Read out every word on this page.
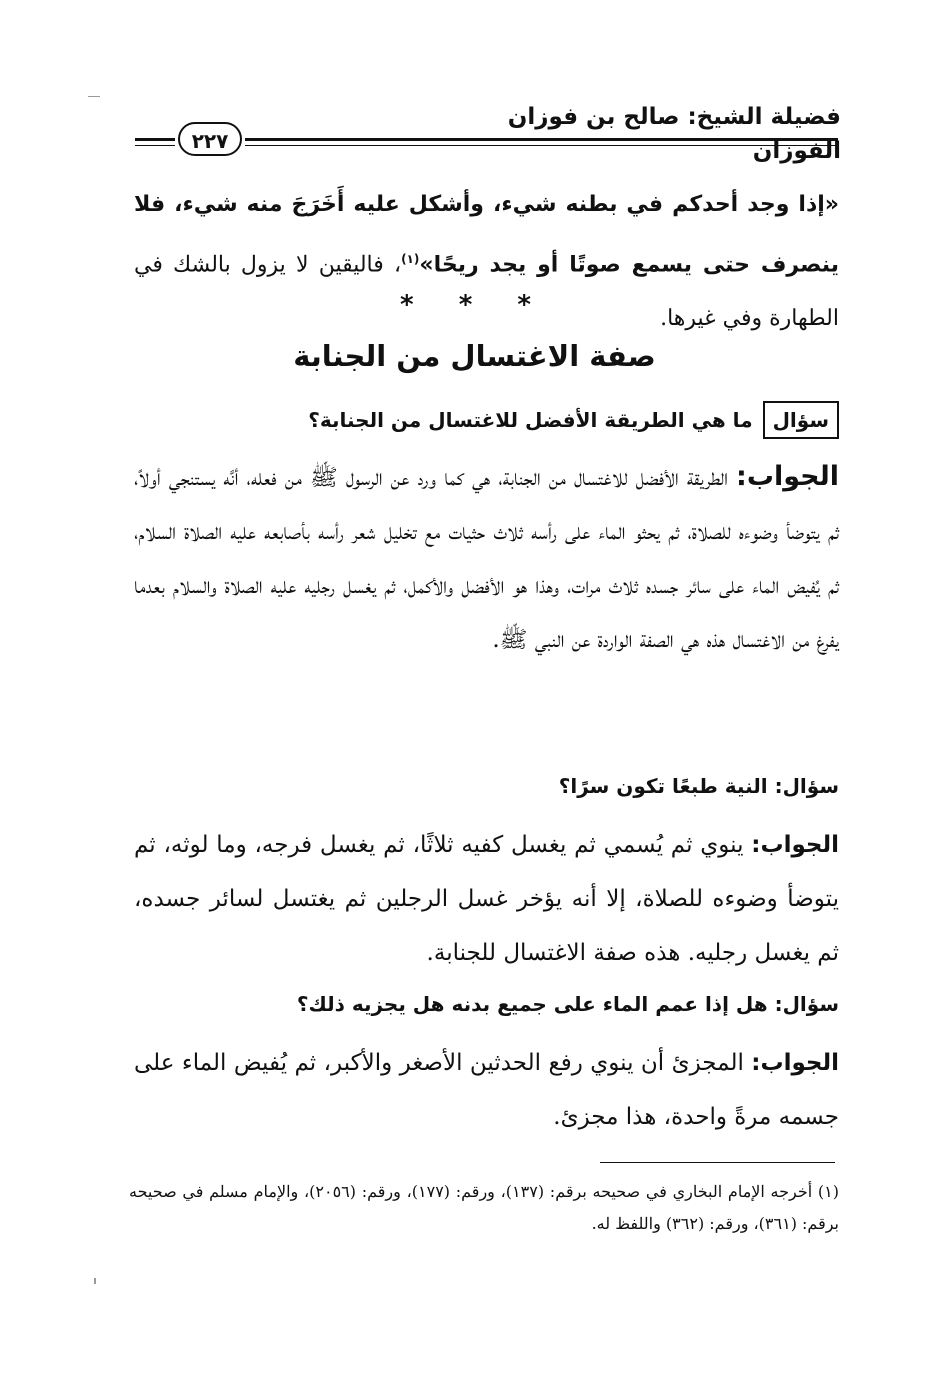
فضيلة الشيخ: صالح بن فوزان الفوزان
٢٢٧
«إذا وجد أحدكم في بطنه شيء، وأشكل عليه أَخَرَجَ منه شيء، فلا ينصرف حتى يسمع صوتًا أو يجد ريحًا»$^{(١)}$، فاليقين لا يزول بالشك في الطهارة وفي غيرها.
* * *
صفة الاغتسال من الجنابة
سؤالما هي الطريقة الأفضل للاغتسال من الجنابة؟
الجواب: الطريقة الأفضل للاغتسال من الجنابة، هي كما ورد عن الرسول ﷺ من فعله، أنَّه يستنجي أولاً، ثم يتوضأ وضوءه للصلاة، ثم يحثو الماء على رأسه ثلاث حثيات مع تخليل شعر رأسه بأصابعه عليه الصلاة السلام، ثم يُفيض الماء على سائر جسده ثلاث مرات، وهذا هو الأفضل والأكمل، ثم يغسل رجليه عليه الصلاة والسلام بعدما يفرغ من الاغتسال هذه هي الصفة الواردة عن النبي ﷺ.
سؤال: النية طبعًا تكون سرًا؟
الجواب: ينوي ثم يُسمي ثم يغسل كفيه ثلاثًا، ثم يغسل فرجه، وما لوثه، ثم يتوضأ وضوءه للصلاة، إلا أنه يؤخر غسل الرجلين ثم يغتسل لسائر جسده، ثم يغسل رجليه. هذه صفة الاغتسال للجنابة.
سؤال: هل إذا عمم الماء على جميع بدنه هل يجزيه ذلك؟
الجواب: المجزئ أن ينوي رفع الحدثين الأصغر والأكبر، ثم يُفيض الماء على جسمه مرةً واحدة، هذا مجزئ.
(١) أخرجه الإمام البخاري في صحيحه برقم: (١٣٧)، ورقم: (١٧٧)، ورقم: (٢٠٥٦)، والإمام مسلم في صحيحه برقم: (٣٦١)، ورقم: (٣٦٢) واللفظ له.
